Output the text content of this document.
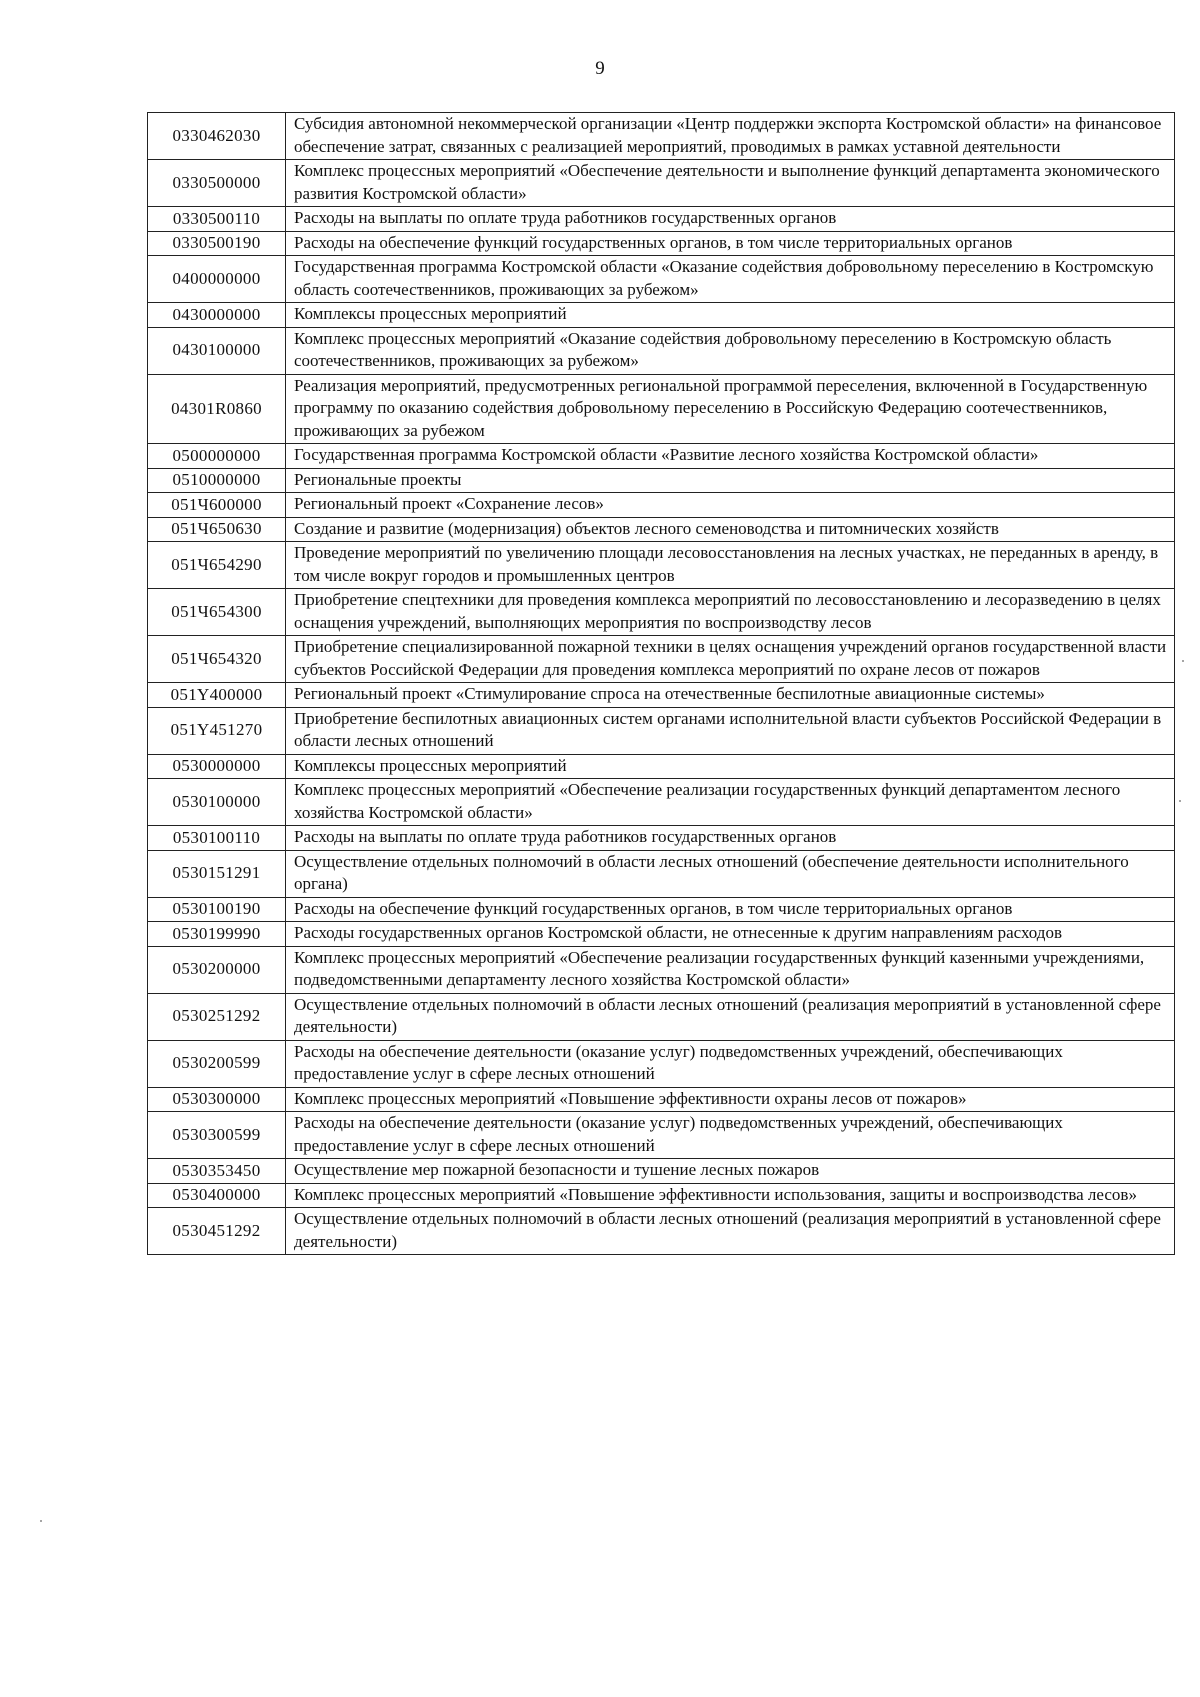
9
0330462030	Субсидия автономной некоммерческой организации «Центр поддержки экспорта Костромской области» на финансовое обеспечение затрат, связанных с реализацией мероприятий, проводимых в рамках уставной деятельности
0330500000	Комплекс процессных мероприятий «Обеспечение деятельности и выполнение функций департамента экономического развития Костромской области»
0330500110	Расходы на выплаты по оплате труда работников государственных органов
0330500190	Расходы на обеспечение функций государственных органов, в том числе территориальных органов
0400000000	Государственная программа Костромской области «Оказание содействия добровольному переселению в Костромскую область соотечественников, проживающих за рубежом»
0430000000	Комплексы процессных мероприятий
0430100000	Комплекс процессных мероприятий «Оказание содействия добровольному переселению в Костромскую область соотечественников, проживающих за рубежом»
04301R0860	Реализация мероприятий, предусмотренных региональной программой переселения, включенной в Государственную программу по оказанию содействия добровольному переселению в Российскую Федерацию соотечественников, проживающих за рубежом
0500000000	Государственная программа Костромской области «Развитие лесного хозяйства Костромской области»
0510000000	Региональные проекты
051Ч600000	Региональный проект «Сохранение лесов»
051Ч650630	Создание и развитие (модернизация) объектов лесного семеноводства и питомнических хозяйств
051Ч654290	Проведение мероприятий по увеличению площади лесовосстановления на лесных участках, не переданных в аренду, в том числе вокруг городов и промышленных центров
051Ч654300	Приобретение спецтехники для проведения комплекса мероприятий по лесовосстановлению и лесоразведению в целях оснащения учреждений, выполняющих мероприятия по воспроизводству лесов
051Ч654320	Приобретение специализированной пожарной техники в целях оснащения учреждений органов государственной власти субъектов Российской Федерации для проведения комплекса мероприятий по охране лесов от пожаров
051Y400000	Региональный проект «Стимулирование спроса на отечественные беспилотные авиационные системы»
051Y451270	Приобретение беспилотных авиационных систем органами исполнительной власти субъектов Российской Федерации в области лесных отношений
0530000000	Комплексы процессных мероприятий
0530100000	Комплекс процессных мероприятий «Обеспечение реализации государственных функций департаментом лесного хозяйства Костромской области»
0530100110	Расходы на выплаты по оплате труда работников государственных органов
0530151291	Осуществление отдельных полномочий в области лесных отношений (обеспечение деятельности исполнительного органа)
0530100190	Расходы на обеспечение функций государственных органов, в том числе территориальных органов
0530199990	Расходы государственных органов Костромской области, не отнесенные к другим направлениям расходов
0530200000	Комплекс процессных мероприятий «Обеспечение реализации государственных функций казенными учреждениями, подведомственными департаменту лесного хозяйства Костромской области»
0530251292	Осуществление отдельных полномочий в области лесных отношений (реализация мероприятий в установленной сфере деятельности)
0530200599	Расходы на обеспечение деятельности (оказание услуг) подведомственных учреждений, обеспечивающих предоставление услуг в сфере лесных отношений
0530300000	Комплекс процессных мероприятий «Повышение эффективности охраны лесов от пожаров»
0530300599	Расходы на обеспечение деятельности (оказание услуг) подведомственных учреждений, обеспечивающих предоставление услуг в сфере лесных отношений
0530353450	Осуществление мер пожарной безопасности и тушение лесных пожаров
0530400000	Комплекс процессных мероприятий «Повышение эффективности использования, защиты и воспроизводства лесов»
0530451292	Осуществление отдельных полномочий в области лесных отношений (реализация мероприятий в установленной сфере деятельности)
